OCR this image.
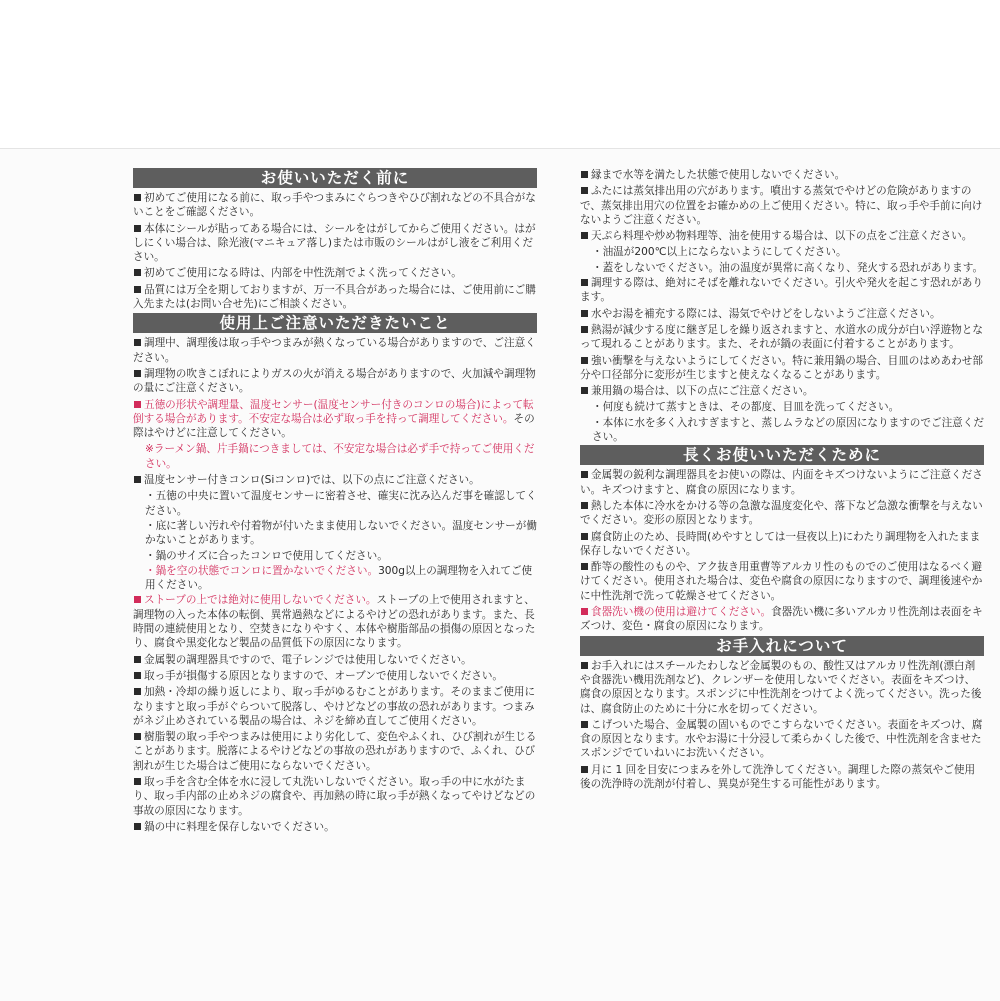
お使いいただく前に
初めてご使用になる前に、取っ手やつまみにぐらつきやひび割れなどの不具合がないことをご確認ください。
本体にシールが貼ってある場合には、シールをはがしてからご使用ください。はがしにくい場合は、除光液(マニキュア落し)または市販のシールはがし液をご利用ください。
初めてご使用になる時は、内部を中性洗剤でよく洗ってください。
品質には万全を期しておりますが、万一不具合があった場合には、ご使用前にご購入先または(お問い合せ先)にご相談ください。
使用上ご注意いただきたいこと
調理中、調理後は取っ手やつまみが熱くなっている場合がありますので、ご注意ください。
調理物の吹きこぼれによりガスの火が消える場合がありますので、火加減や調理物の量にご注意ください。
五徳の形状や調理量、温度センサー(温度センサー付きのコンロの場合)によって転倒する場合があります。不安定な場合は必ず取っ手を持って調理してください。その際はやけどに注意してください。
※ラーメン鍋、片手鍋につきましては、不安定な場合は必ず手で持ってご使用ください。
温度センサー付きコンロ(Siコンロ)では、以下の点にご注意ください。
・五徳の中央に置いて温度センサーに密着させ、確実に沈み込んだ事を確認してください。
・底に著しい汚れや付着物が付いたまま使用しないでください。温度センサーが働かないことがあります。
・鍋のサイズに合ったコンロで使用してください。
・鍋を空の状態でコンロに置かないでください。300g以上の調理物を入れてご使用ください。
ストーブの上では絶対に使用しないでください。ストーブの上で使用されますと、調理物の入った本体の転倒、異常過熱などによるやけどの恐れがあります。また、長時間の連続使用となり、空焚きになりやすく、本体や樹脂部品の損傷の原因となったり、腐食や黒変化など製品の品質低下の原因になります。
金属製の調理器具ですので、電子レンジでは使用しないでください。
取っ手が損傷する原因となりますので、オーブンで使用しないでください。
加熱・冷却の繰り返しにより、取っ手がゆるむことがあります。そのままご使用になりますと取っ手がぐらついて脱落し、やけどなどの事故の恐れがあります。つまみがネジ止めされている製品の場合は、ネジを締め直してご使用ください。
樹脂製の取っ手やつまみは使用により劣化して、変色やふくれ、ひび割れが生じることがあります。脱落によるやけどなどの事故の恐れがありますので、ふくれ、ひび割れが生じた場合はご使用にならないでください。
取っ手を含む全体を水に浸して丸洗いしないでください。取っ手の中に水がたまり、取っ手内部の止めネジの腐食や、再加熱の時に取っ手が熱くなってやけどなどの事故の原因になります。
鍋の中に料理を保存しないでください。
縁まで水等を満たした状態で使用しないでください。
ふたには蒸気排出用の穴があります。噴出する蒸気でやけどの危険がありますので、蒸気排出用穴の位置をお確かめの上ご使用ください。特に、取っ手や手前に向けないようご注意ください。
天ぷら料理や炒め物料理等、油を使用する場合は、以下の点をご注意ください。
・油温が200℃以上にならないようにしてください。
・蓋をしないでください。油の温度が異常に高くなり、発火する恐れがあります。
調理する際は、絶対にそばを離れないでください。引火や発火を起こす恐れがあります。
水やお湯を補充する際には、湯気でやけどをしないようご注意ください。
熱湯が減少する度に継ぎ足しを繰り返されますと、水道水の成分が白い浮遊物となって現れることがあります。また、それが鍋の表面に付着することがあります。
強い衝撃を与えないようにしてください。特に兼用鍋の場合、目皿のはめあわせ部分や口径部分に変形が生じますと使えなくなることがあります。
兼用鍋の場合は、以下の点にご注意ください。
・何度も続けて蒸すときは、その都度、目皿を洗ってください。
・本体に水を多く入れすぎますと、蒸しムラなどの原因になりますのでご注意ください。
長くお使いいただくために
金属製の鋭利な調理器具をお使いの際は、内面をキズつけないようにご注意ください。キズつけますと、腐食の原因になります。
熱した本体に冷水をかける等の急激な温度変化や、落下など急激な衝撃を与えないでください。変形の原因となります。
腐食防止のため、長時間(めやすとしては一昼夜以上)にわたり調理物を入れたまま保存しないでください。
酢等の酸性のものや、アク抜き用重曹等アルカリ性のものでのご使用はなるべく避けてください。使用された場合は、変色や腐食の原因になりますので、調理後速やかに中性洗剤で洗って乾燥させてください。
食器洗い機の使用は避けてください。食器洗い機に多いアルカリ性洗剤は表面をキズつけ、変色・腐食の原因になります。
お手入れについて
お手入れにはスチールたわしなど金属製のもの、酸性又はアルカリ性洗剤(漂白剤や食器洗い機用洗剤など)、クレンザーを使用しないでください。表面をキズつけ、腐食の原因となります。スポンジに中性洗剤をつけてよく洗ってください。洗った後は、腐食防止のために十分に水を切ってください。
こげついた場合、金属製の固いものでこすらないでください。表面をキズつけ、腐食の原因となります。水やお湯に十分浸して柔らかくした後で、中性洗剤を含ませたスポンジでていねいにお洗いください。
月に 1 回を目安につまみを外して洗浄してください。調理した際の蒸気やご使用後の洗浄時の洗剤が付着し、異臭が発生する可能性があります。
